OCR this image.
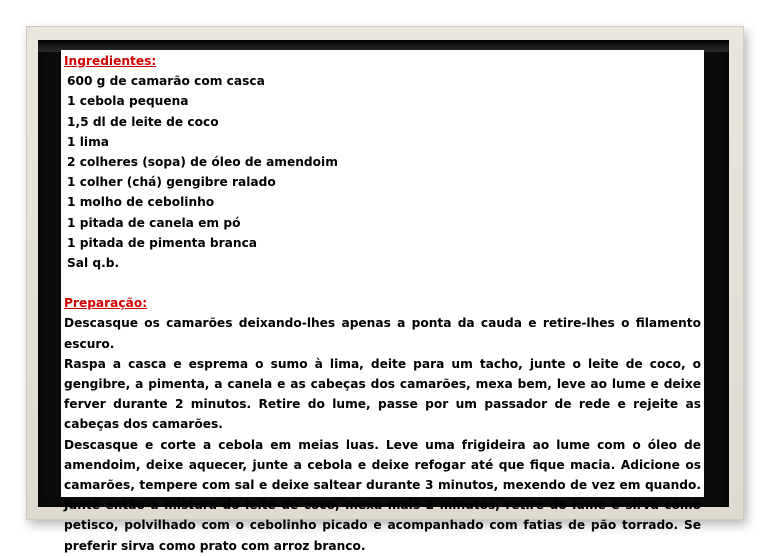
Ingredientes:
600 g de camarão com casca
1 cebola pequena
1,5 dl de leite de coco
1 lima
2 colheres (sopa) de óleo de amendoim
1 colher (chá) gengibre ralado
1 molho de cebolinho
1 pitada de canela em pó
1 pitada de pimenta branca
Sal q.b.
Preparação:

Descasque os camarões deixando-lhes apenas a ponta da cauda e retire-lhes o filamento escuro.

Raspa a casca e esprema o sumo à lima, deite para um tacho, junte o leite de coco, o gengibre, a pimenta, a canela e as cabeças dos camarões, mexa bem, leve ao lume e deixe ferver durante 2 minutos. Retire do lume, passe por um passador de rede e rejeite as cabeças dos camarões.

Descasque e corte a cebola em meias luas. Leve uma frigideira ao lume com o óleo de amendoim, deixe aquecer, junte a cebola e deixe refogar até que fique macia. Adicione os camarões, tempere com sal e deixe saltear durante 3 minutos, mexendo de vez em quando. Junte então a mistura do leite de coco, mexa mais 2 minutos, retire do lume e sirva como petisco, polvilhado com o cebolinho picado e acompanhado com fatias de pão torrado. Se preferir sirva como prato com arroz branco.
